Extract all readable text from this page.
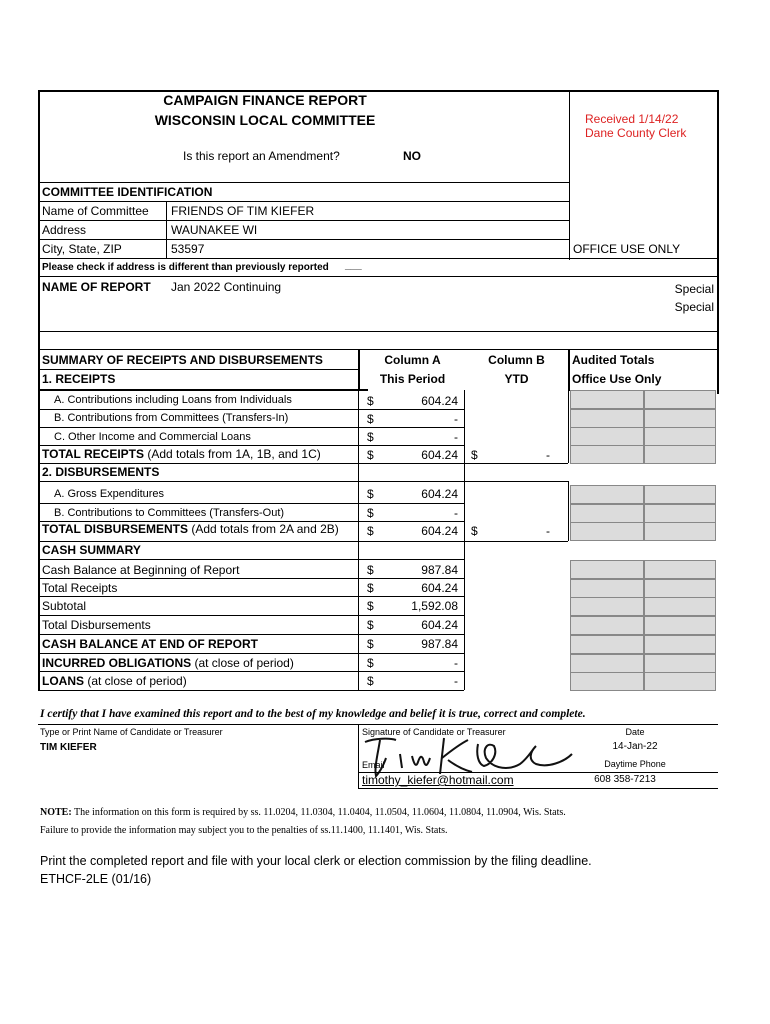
CAMPAIGN FINANCE REPORT
WISCONSIN LOCAL COMMITTEE
Is this report an Amendment?	NO
Received 1/14/22
Dane County Clerk
COMMITTEE IDENTIFICATION
Name of Committee FRIENDS OF TIM KIEFER
Address	WAUNAKEE WI
City, State, ZIP	53597	OFFICE USE ONLY
Please check if address is different than previously reported ___
NAME OF REPORT Jan 2022 Continuing	Special
Special
SUMMARY OF RECEIPTS AND DISBURSEMENTS
1. RECEIPTS
Column A
This Period
Column B
YTD
Audited Totals
Office Use Only
A. Contributions including Loans from Individuals	$	604.24
B. Contributions from Committees (Transfers-In)	$	-
C. Other Income and Commercial Loans	$	-
TOTAL RECEIPTS (Add totals from 1A, 1B, and 1C)	$	604.24 $	-
2. DISBURSEMENTS
A. Gross Expenditures	$	604.24
B. Contributions to Committees (Transfers-Out)	$	-
TOTAL DISBURSEMENTS (Add totals from 2A and 2B) $	604.24 $	-
CASH SUMMARY
Cash Balance at Beginning of Report	$	987.84
Total Receipts	$	604.24
Subtotal	$	1,592.08
Total Disbursements	$	604.24
CASH BALANCE AT END OF REPORT	$	987.84
INCURRED OBLIGATIONS (at close of period)	$	-
LOANS (at close of period)	$	-
I certify that I have examined this report and to the best of my knowledge and belief it is true, correct and complete.
Type or Print Name of Candidate or Treasurer
TIM KIEFER
Signature of Candidate or Treasurer
Email
timothy_kiefer@hotmail.com
Date
14-Jan-22
Daytime Phone
608 358-7213
NOTE: The information on this form is required by ss. 11.0204, 11.0304, 11.0404, 11.0504, 11.0604, 11.0804, 11.0904, Wis. Stats.
Failure to provide the information may subject you to the penalties of ss.11.1400, 11.1401, Wis. Stats.
Print the completed report and file with your local clerk or election commission by the filing deadline.
ETHCF-2LE (01/16)
